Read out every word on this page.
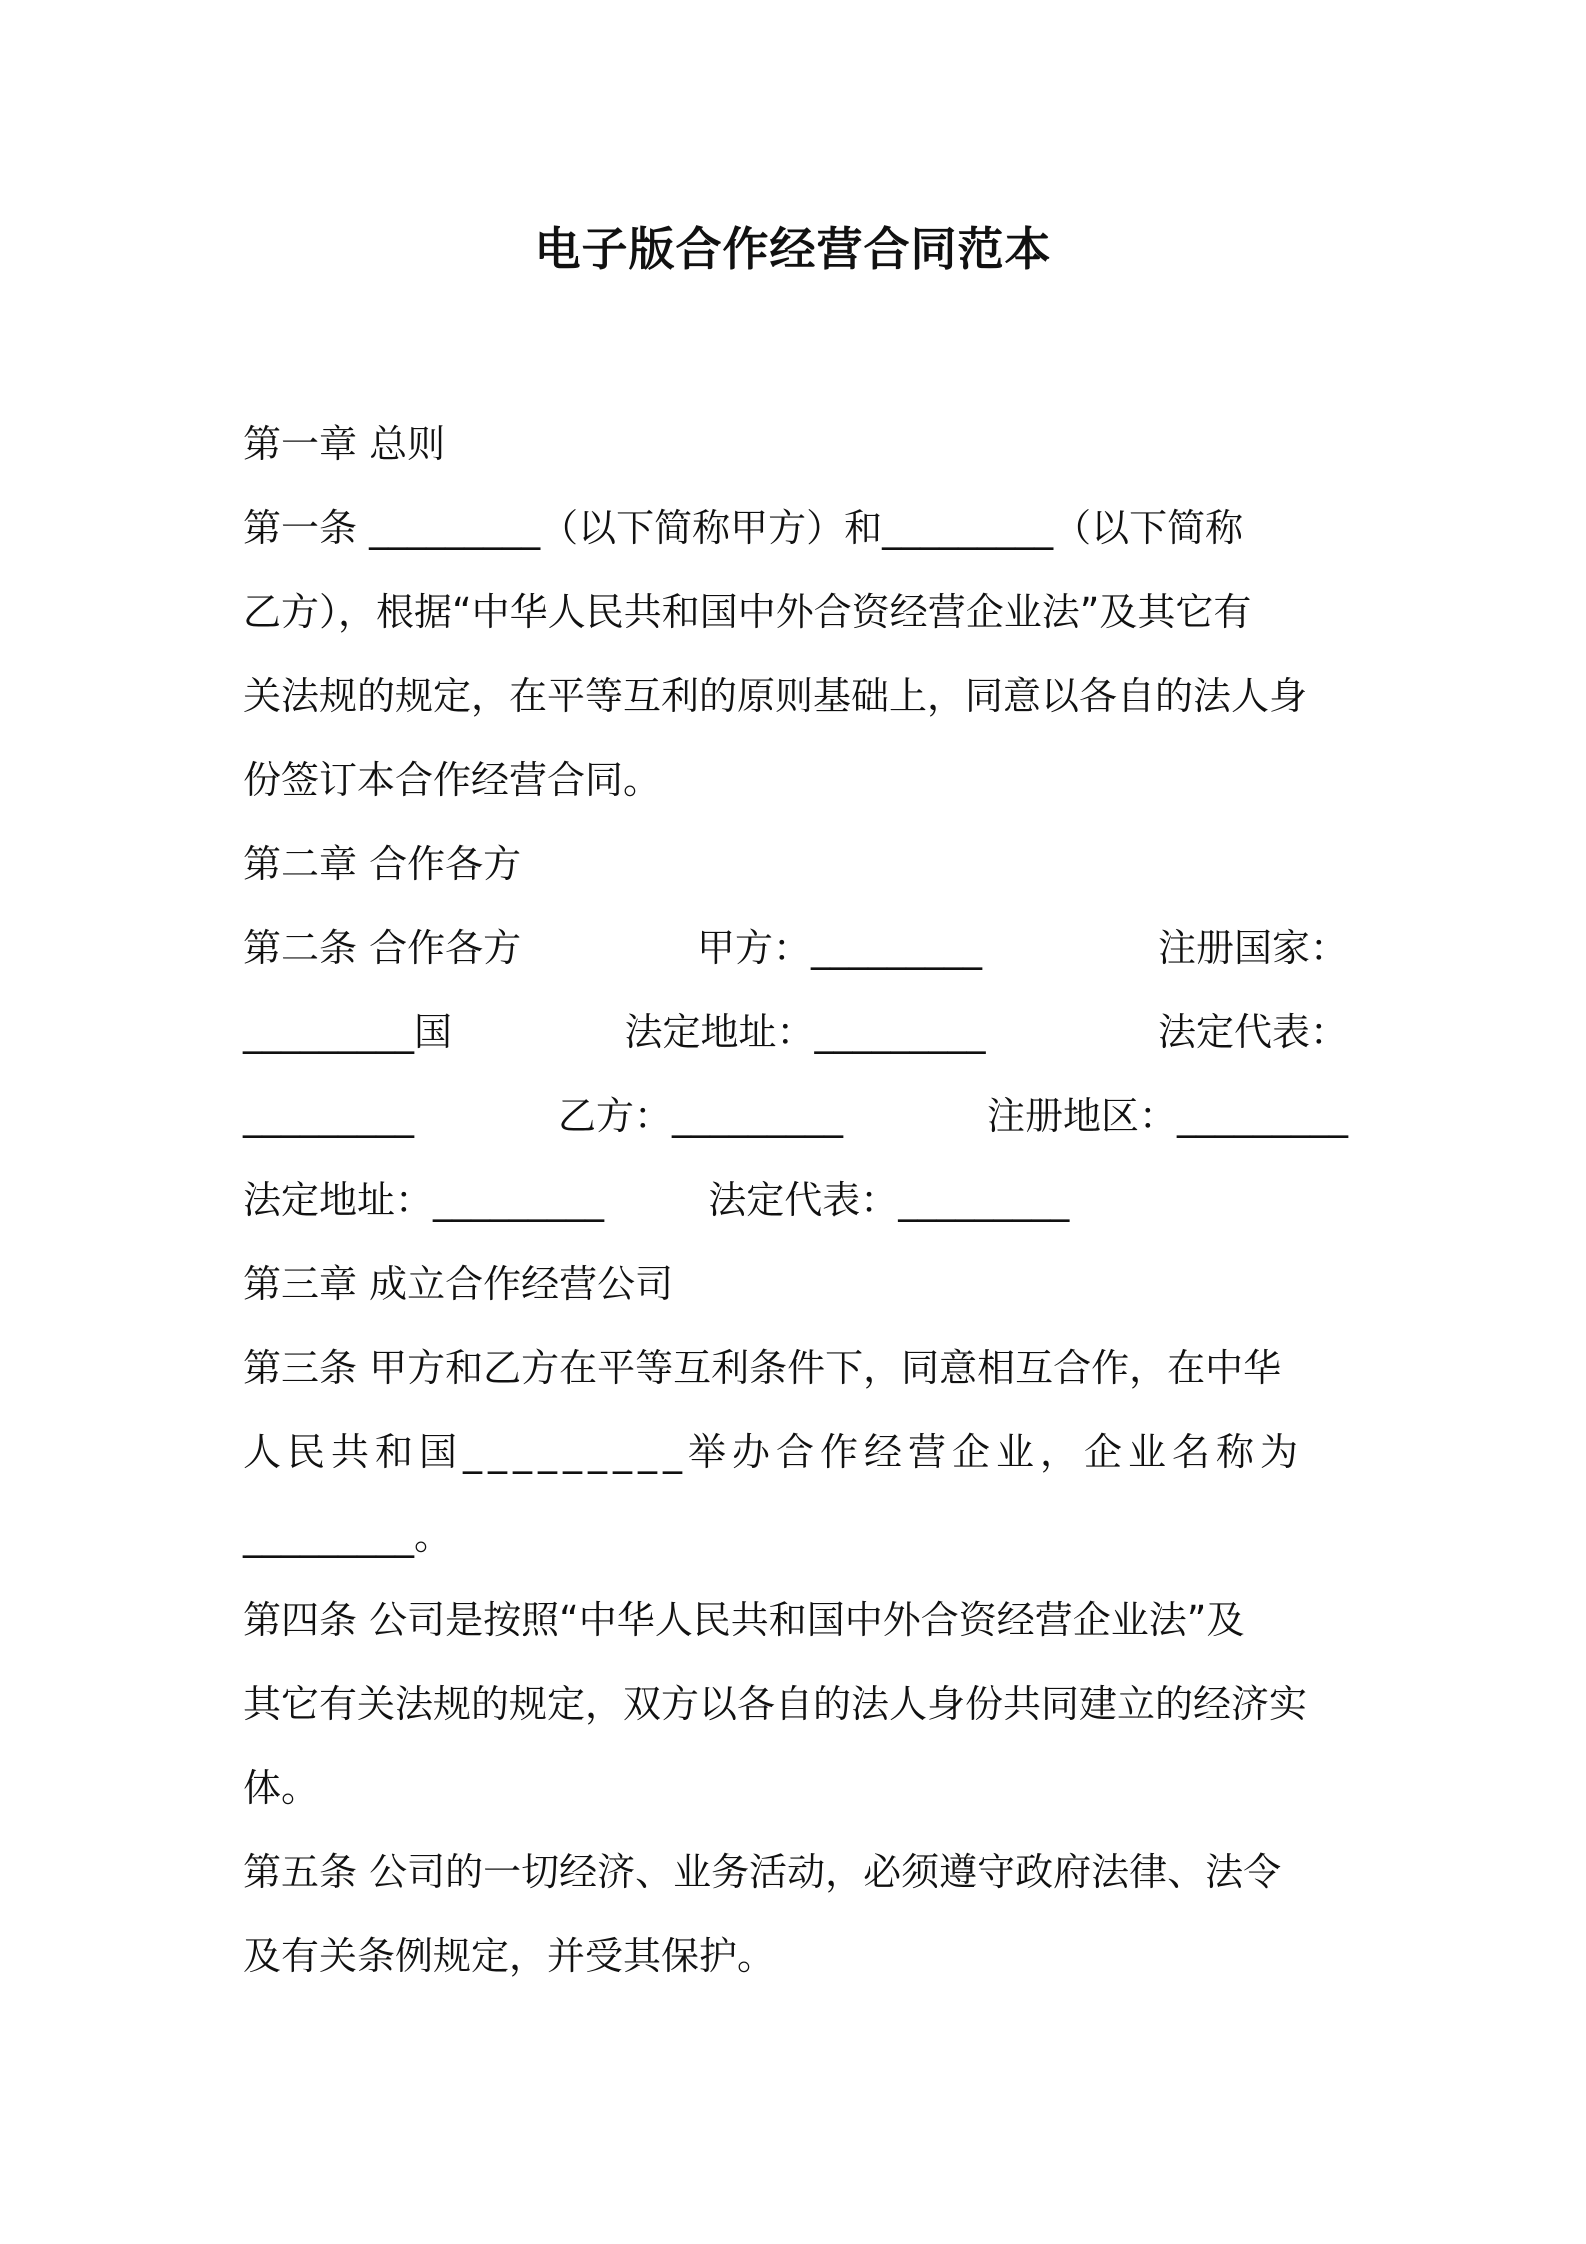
电子版合作经营合同范本
第一章 总则
第一条 _________（以下简称甲方）和_________（以下简称
乙方），根据“中华人民共和国中外合资经营企业法”及其它有
关法规的规定，在平等互利的原则基础上，同意以各自的法人身
份签订本合作经营合同。
第二章 合作各方
第二条 合作各方	甲方：_________	注册国家：
_________国	法定地址：_________	法定代表：
_________	乙方：_________	注册地区：_________
法定地址：_________	法定代表：_________
第三章 成立合作经营公司
第三条 甲方和乙方在平等互利条件下，同意相互合作，在中华
人民共和国_________举办合作经营企业，企业名称为
_________。
第四条 公司是按照“中华人民共和国中外合资经营企业法”及
其它有关法规的规定，双方以各自的法人身份共同建立的经济实
体。
第五条 公司的一切经济、业务活动，必须遵守政府法律、法令
及有关条例规定，并受其保护。
